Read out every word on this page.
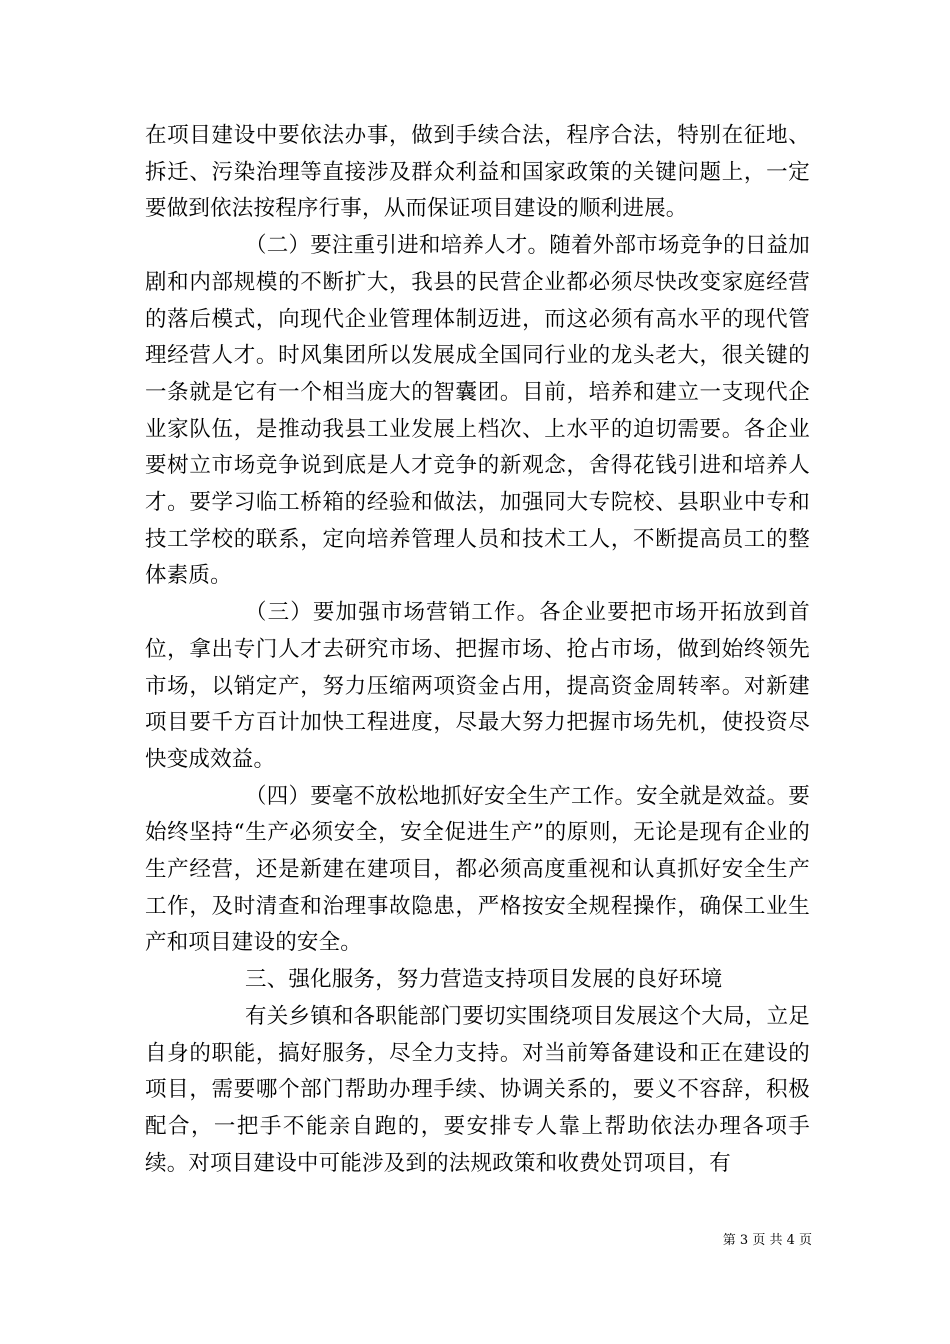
在项目建设中要依法办事，做到手续合法，程序合法，特别在征地、拆迁、污染治理等直接涉及群众利益和国家政策的关键问题上，一定要做到依法按程序行事，从而保证项目建设的顺利进展。

（二）要注重引进和培养人才。随着外部市场竞争的日益加剧和内部规模的不断扩大，我县的民营企业都必须尽快改变家庭经营的落后模式，向现代企业管理体制迈进，而这必须有高水平的现代管理经营人才。时风集团所以发展成全国同行业的龙头老大，很关键的一条就是它有一个相当庞大的智囊团。目前，培养和建立一支现代企业家队伍，是推动我县工业发展上档次、上水平的迫切需要。各企业要树立市场竞争说到底是人才竞争的新观念，舍得花钱引进和培养人才。要学习临工桥箱的经验和做法，加强同大专院校、县职业中专和技工学校的联系，定向培养管理人员和技术工人，不断提高员工的整体素质。

（三）要加强市场营销工作。各企业要把市场开拓放到首位，拿出专门人才去研究市场、把握市场、抢占市场，做到始终领先市场，以销定产，努力压缩两项资金占用，提高资金周转率。对新建项目要千方百计加快工程进度，尽最大努力把握市场先机，使投资尽快变成效益。

（四）要毫不放松地抓好安全生产工作。安全就是效益。要始终坚持“生产必须安全，安全促进生产”的原则，无论是现有企业的生产经营，还是新建在建项目，都必须高度重视和认真抓好安全生产工作，及时清查和治理事故隐患，严格按安全规程操作，确保工业生产和项目建设的安全。

三、强化服务，努力营造支持项目发展的良好环境

有关乡镇和各职能部门要切实围绕项目发展这个大局，立足自身的职能，搞好服务，尽全力支持。对当前筹备建设和正在建设的项目，需要哪个部门帮助办理手续、协调关系的，要义不容辞，积极配合，一把手不能亲自跑的，要安排专人靠上帮助依法办理各项手续。对项目建设中可能涉及到的法规政策和收费处罚项目，有

第 3 页 共 4 页
